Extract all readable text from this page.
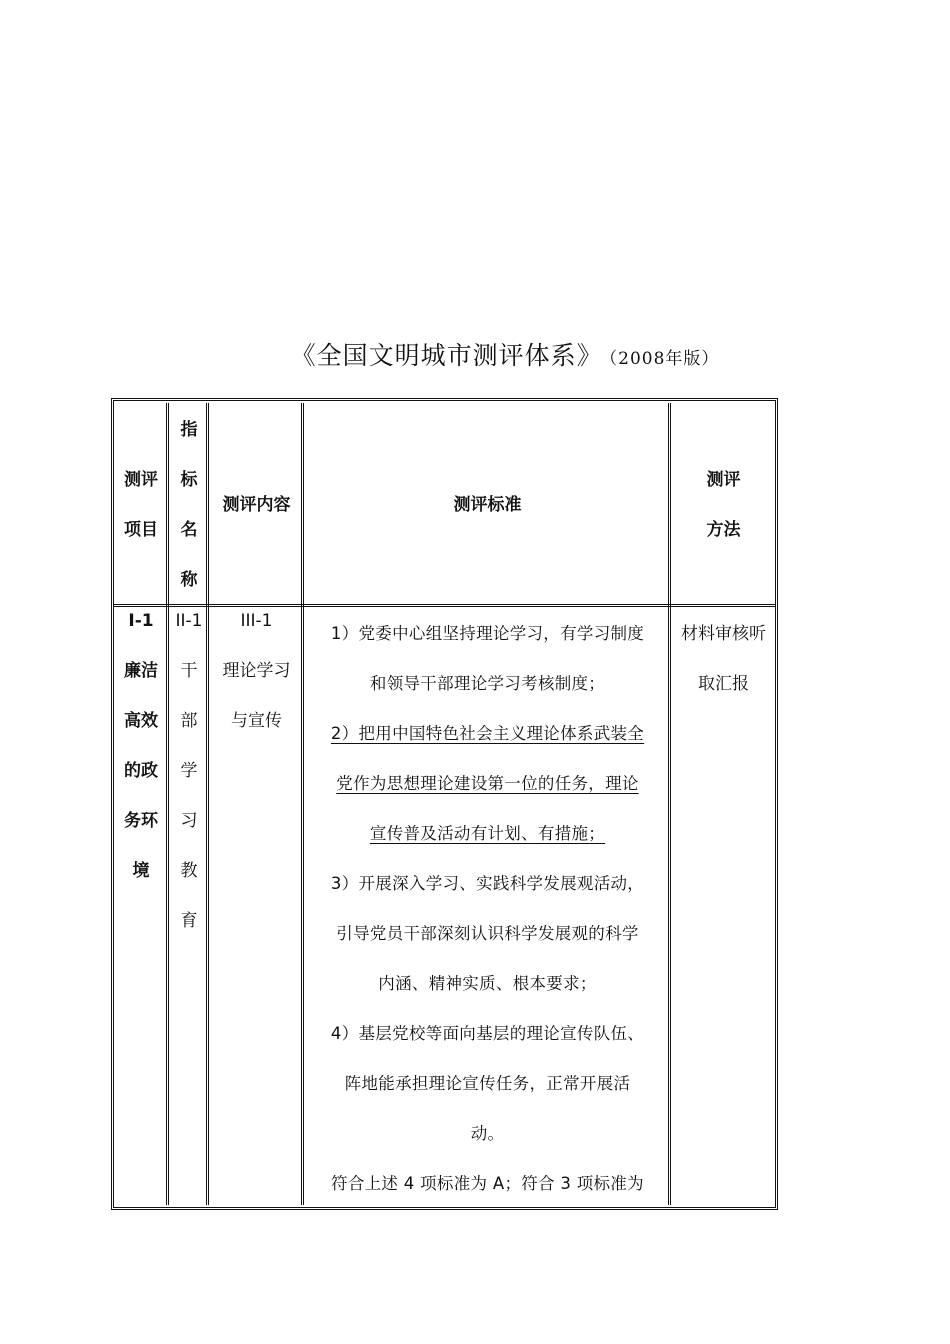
《全国文明城市测评体系》 （2008年版）
测评
项目
指
标
名
称
测评内容	测评标准
测评
方法
I-1
廉洁
高效
的政
务环
境
II-1
干
部
学
习
教
育
III-1
理论学习
与宣传

1）党委中心组坚持理论学习，有学习制度

和领导干部理论学习考核制度；

2）把用中国特色社会主义理论体系武装全

党作为思想理论建设第一位的任务，理论

宣传普及活动有计划、有措施；

3）开展深入学习、实践科学发展观活动，

引导党员干部深刻认识科学发展观的科学

内涵、精神实质、根本要求；

4）基层党校等面向基层的理论宣传队伍、

阵地能承担理论宣传任务，正常开展活

动。

符合上述 4 项标准为 A；符合 3 项标准为

材料审核听
取汇报
